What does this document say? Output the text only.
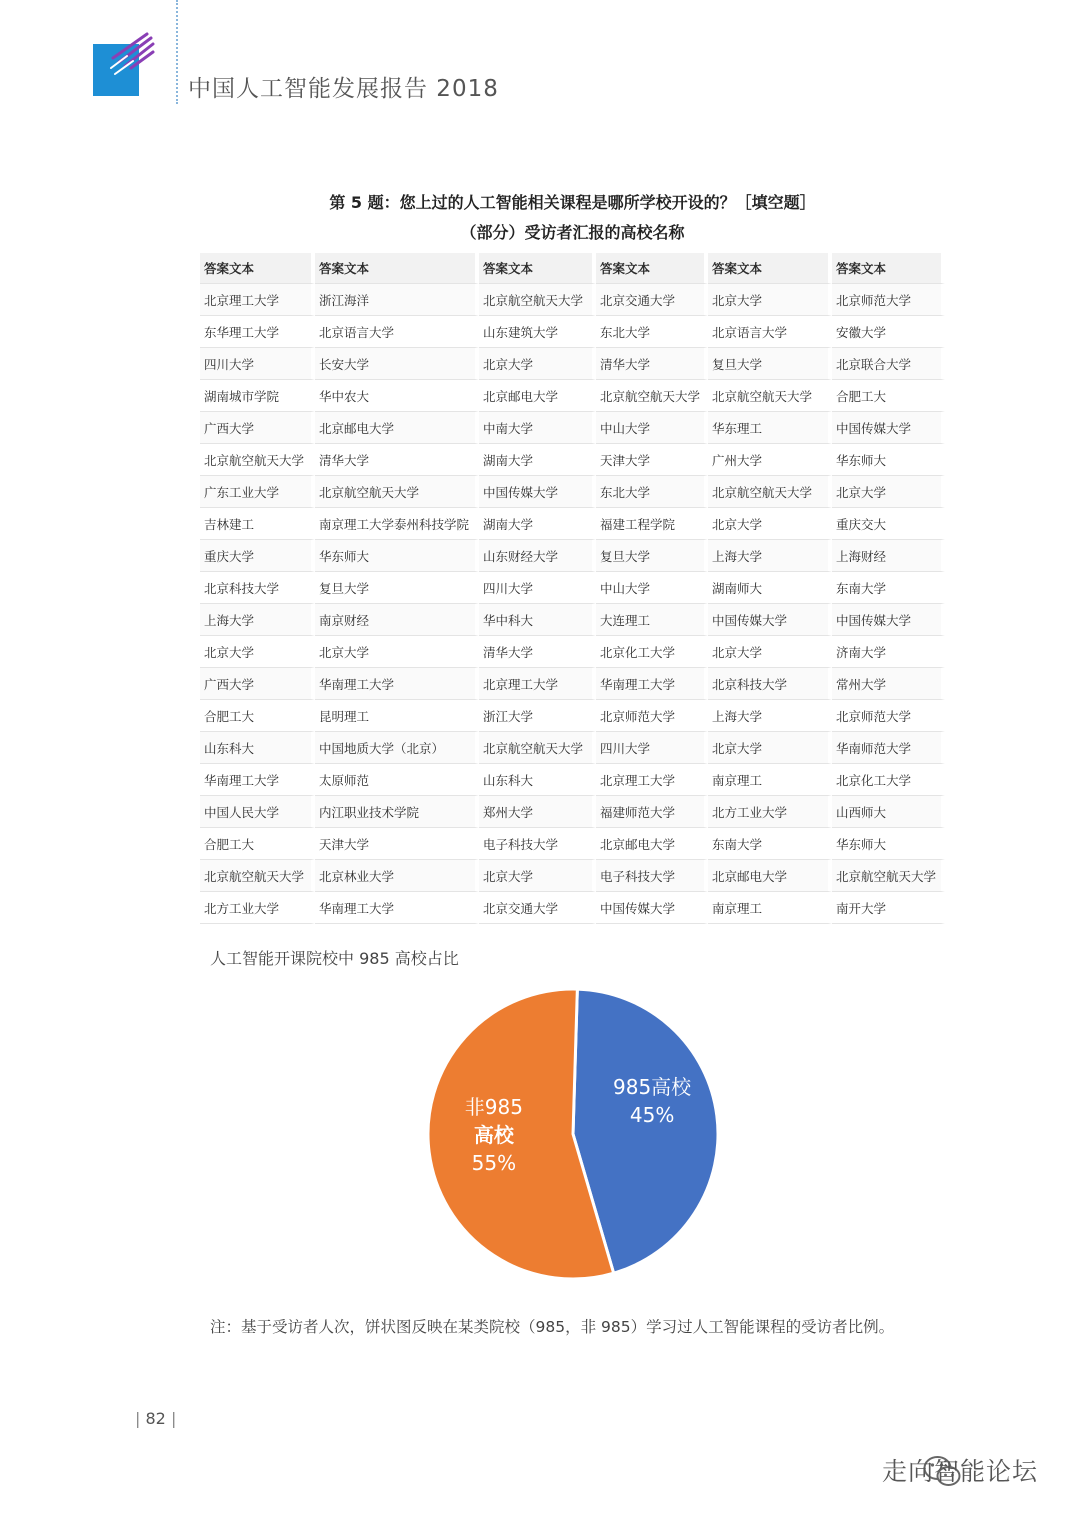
中国人工智能发展报告 2018
第 5 题：您上过的人工智能相关课程是哪所学校开设的？［填空题］
（部分）受访者汇报的高校名称
答案文本	答案文本	答案文本	答案文本	答案文本	答案文本
北京理工大学	浙江海洋	北京航空航天大学	北京交通大学	北京大学	北京师范大学
东华理工大学	北京语言大学	山东建筑大学	东北大学	北京语言大学	安徽大学
四川大学	长安大学	北京大学	清华大学	复旦大学	北京联合大学
湖南城市学院	华中农大	北京邮电大学	北京航空航天大学	北京航空航天大学	合肥工大
广西大学	北京邮电大学	中南大学	中山大学	华东理工	中国传媒大学
北京航空航天大学	清华大学	湖南大学	天津大学	广州大学	华东师大
广东工业大学	北京航空航天大学	中国传媒大学	东北大学	北京航空航天大学	北京大学
吉林建工	南京理工大学泰州科技学院	湖南大学	福建工程学院	北京大学	重庆交大
重庆大学	华东师大	山东财经大学	复旦大学	上海大学	上海财经
北京科技大学	复旦大学	四川大学	中山大学	湖南师大	东南大学
上海大学	南京财经	华中科大	大连理工	中国传媒大学	中国传媒大学
北京大学	北京大学	清华大学	北京化工大学	北京大学	济南大学
广西大学	华南理工大学	北京理工大学	华南理工大学	北京科技大学	常州大学
合肥工大	昆明理工	浙江大学	北京师范大学	上海大学	北京师范大学
山东科大	中国地质大学（北京）	北京航空航天大学	四川大学	北京大学	华南师范大学
华南理工大学	太原师范	山东科大	北京理工大学	南京理工	北京化工大学
中国人民大学	内江职业技术学院	郑州大学	福建师范大学	北方工业大学	山西师大
合肥工大	天津大学	电子科技大学	北京邮电大学	东南大学	华东师大
北京航空航天大学	北京林业大学	北京大学	电子科技大学	北京邮电大学	北京航空航天大学
北方工业大学	华南理工大学	北京交通大学	中国传媒大学	南京理工	南开大学
人工智能开课院校中 985 高校占比
985高校
45%
非985
高校
55%
注：基于受访者人次，饼状图反映在某类院校（985，非 985）学习过人工智能课程的受访者比例。
| 82 |
走向智能论坛
